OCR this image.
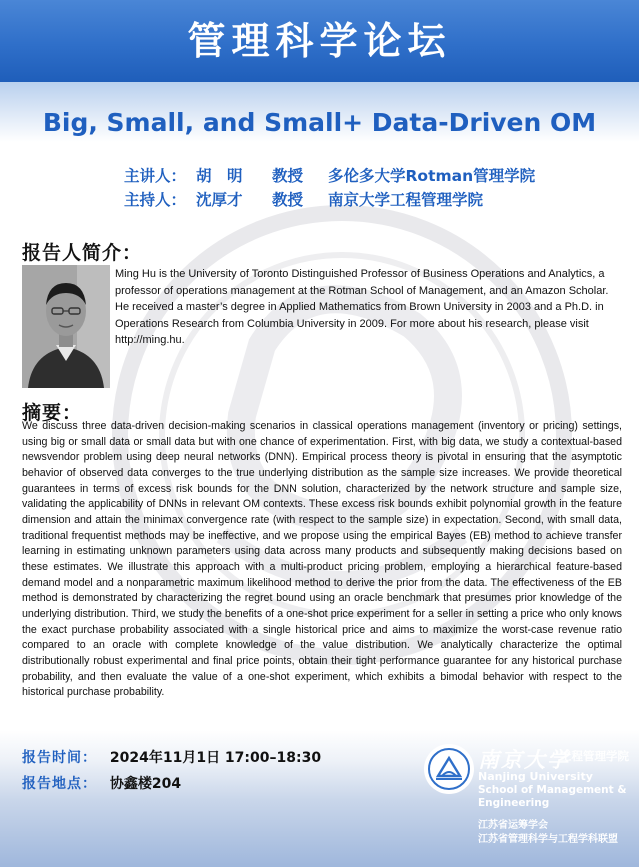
管理科学论坛
Big, Small, and Small+ Data-Driven OM
主讲人： 胡　明	教授	多伦多大学Rotman管理学院
主持人： 沈厚才	教授	南京大学工程管理学院
报告人简介：
Ming Hu is the University of Toronto Distinguished Professor of Business Operations and Analytics, a professor of operations management at the Rotman School of Management, and an Amazon Scholar. He received a master’s degree in Applied Mathematics from Brown University in 2003 and a Ph.D. in Operations Research from Columbia University in 2009. For more about his research, please visit http://ming.hu.
摘要：
We discuss three data-driven decision-making scenarios in classical operations management (inventory or pricing) settings, using big or small data or small data but with one chance of experimentation. First, with big data, we study a contextual-based newsvendor problem using deep neural networks (DNN). Empirical process theory is pivotal in ensuring that the asymptotic behavior of observed data converges to the true underlying distribution as the sample size increases. We provide theoretical guarantees in terms of excess risk bounds for the DNN solution, characterized by the network structure and sample size, validating the applicability of DNNs in relevant OM contexts. These excess risk bounds exhibit polynomial growth in the feature dimension and attain the minimax convergence rate (with respect to the sample size) in expectation. Second, with small data, traditional frequentist methods may be ineffective, and we propose using the empirical Bayes (EB) method to achieve transfer learning in estimating unknown parameters using data across many products and subsequently making decisions based on these estimates. We illustrate this approach with a multi-product pricing problem, employing a hierarchical feature-based demand model and a nonparametric maximum likelihood method to derive the prior from the data. The effectiveness of the EB method is demonstrated by characterizing the regret bound using an oracle benchmark that presumes prior knowledge of the underlying distribution. Third, we study the benefits of a one-shot price experiment for a seller in setting a price who only knows the exact purchase probability associated with a single historical price and aims to maximize the worst-case revenue ratio compared to an oracle with complete knowledge of the value distribution. We analytically characterize the optimal distributionally robust experimental and final price points, obtain their tight performance guarantee for any historical purchase probability, and then evaluate the value of a one-shot experiment, which exhibits a bimodal behavior with respect to the historical purchase probability.
报告时间： 2024年11月1日 17:00–18:30
报告地点： 协鑫楼204
南京大学
工程管理学院
Nanjing University
School of Management & Engineering
江苏省运筹学会
江苏省管理科学与工程学科联盟
